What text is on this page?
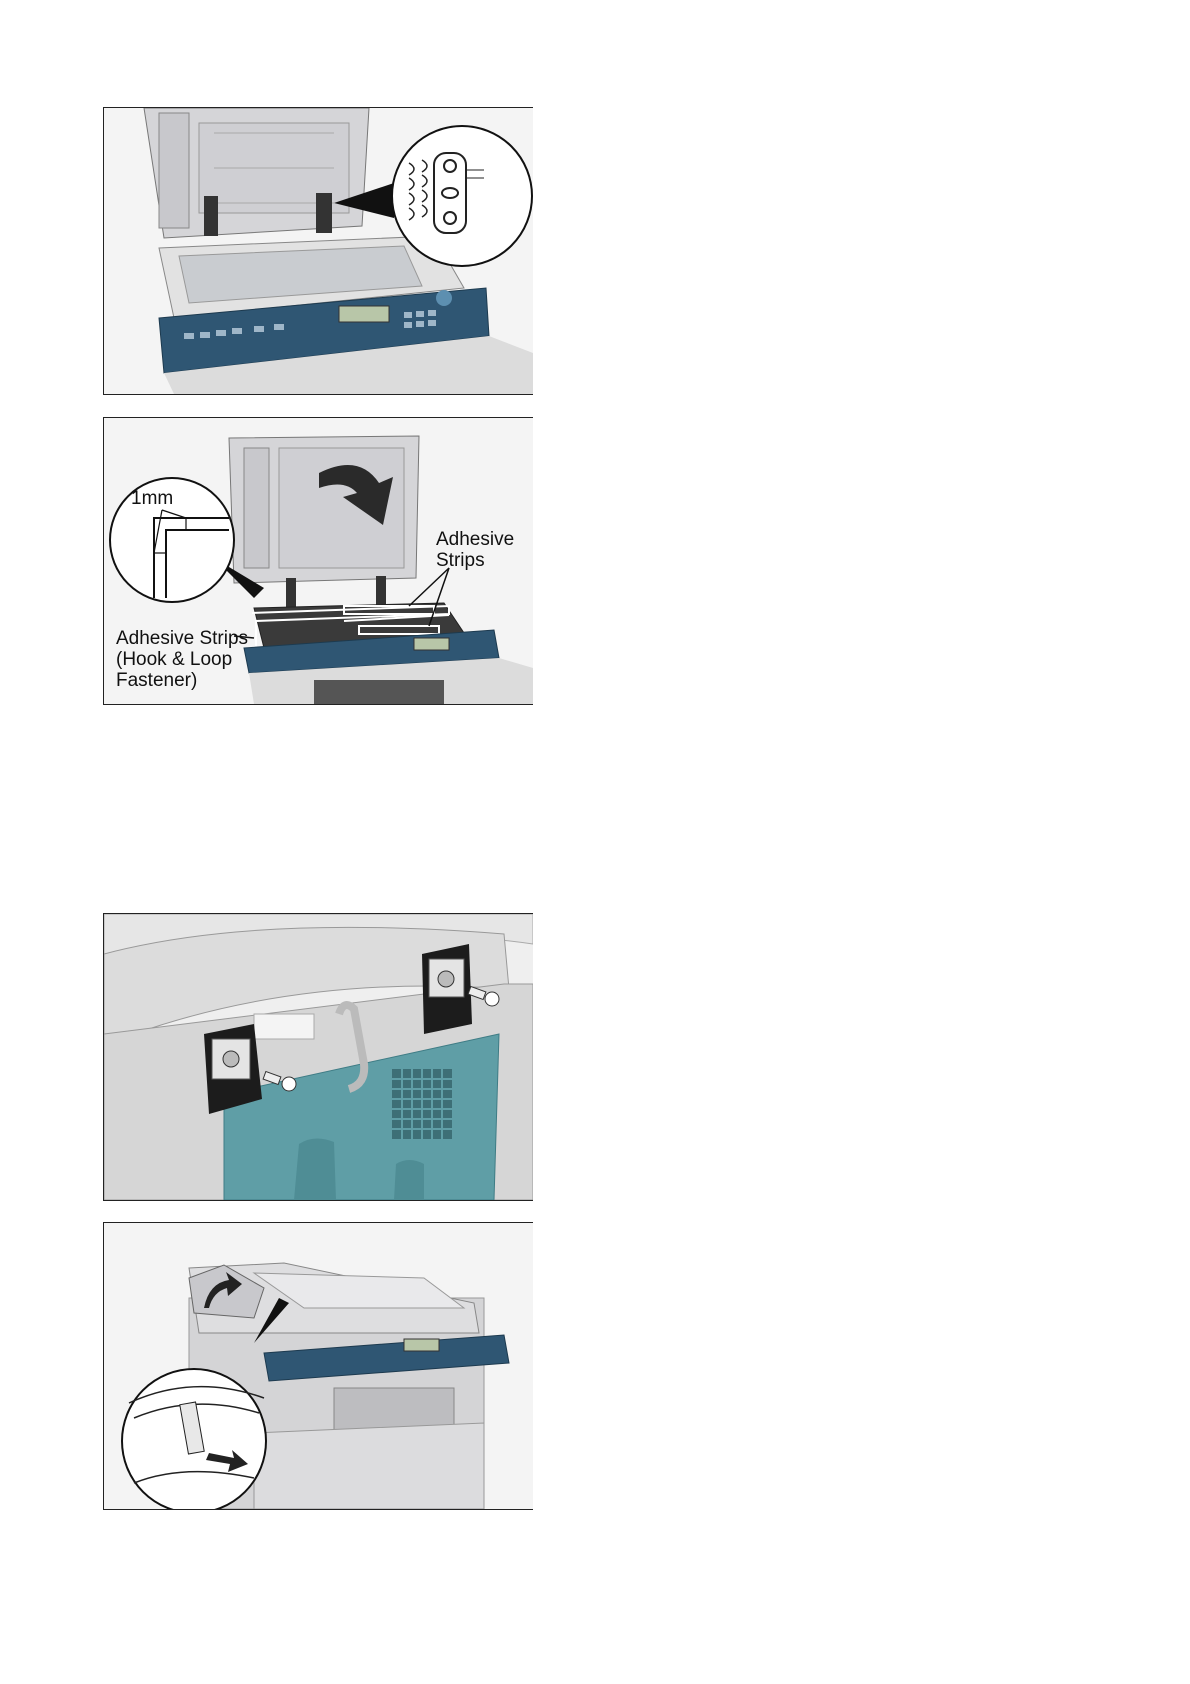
1mm
Adhesive
Strips
Adhesive Strips
(Hook & Loop
Fastener)
